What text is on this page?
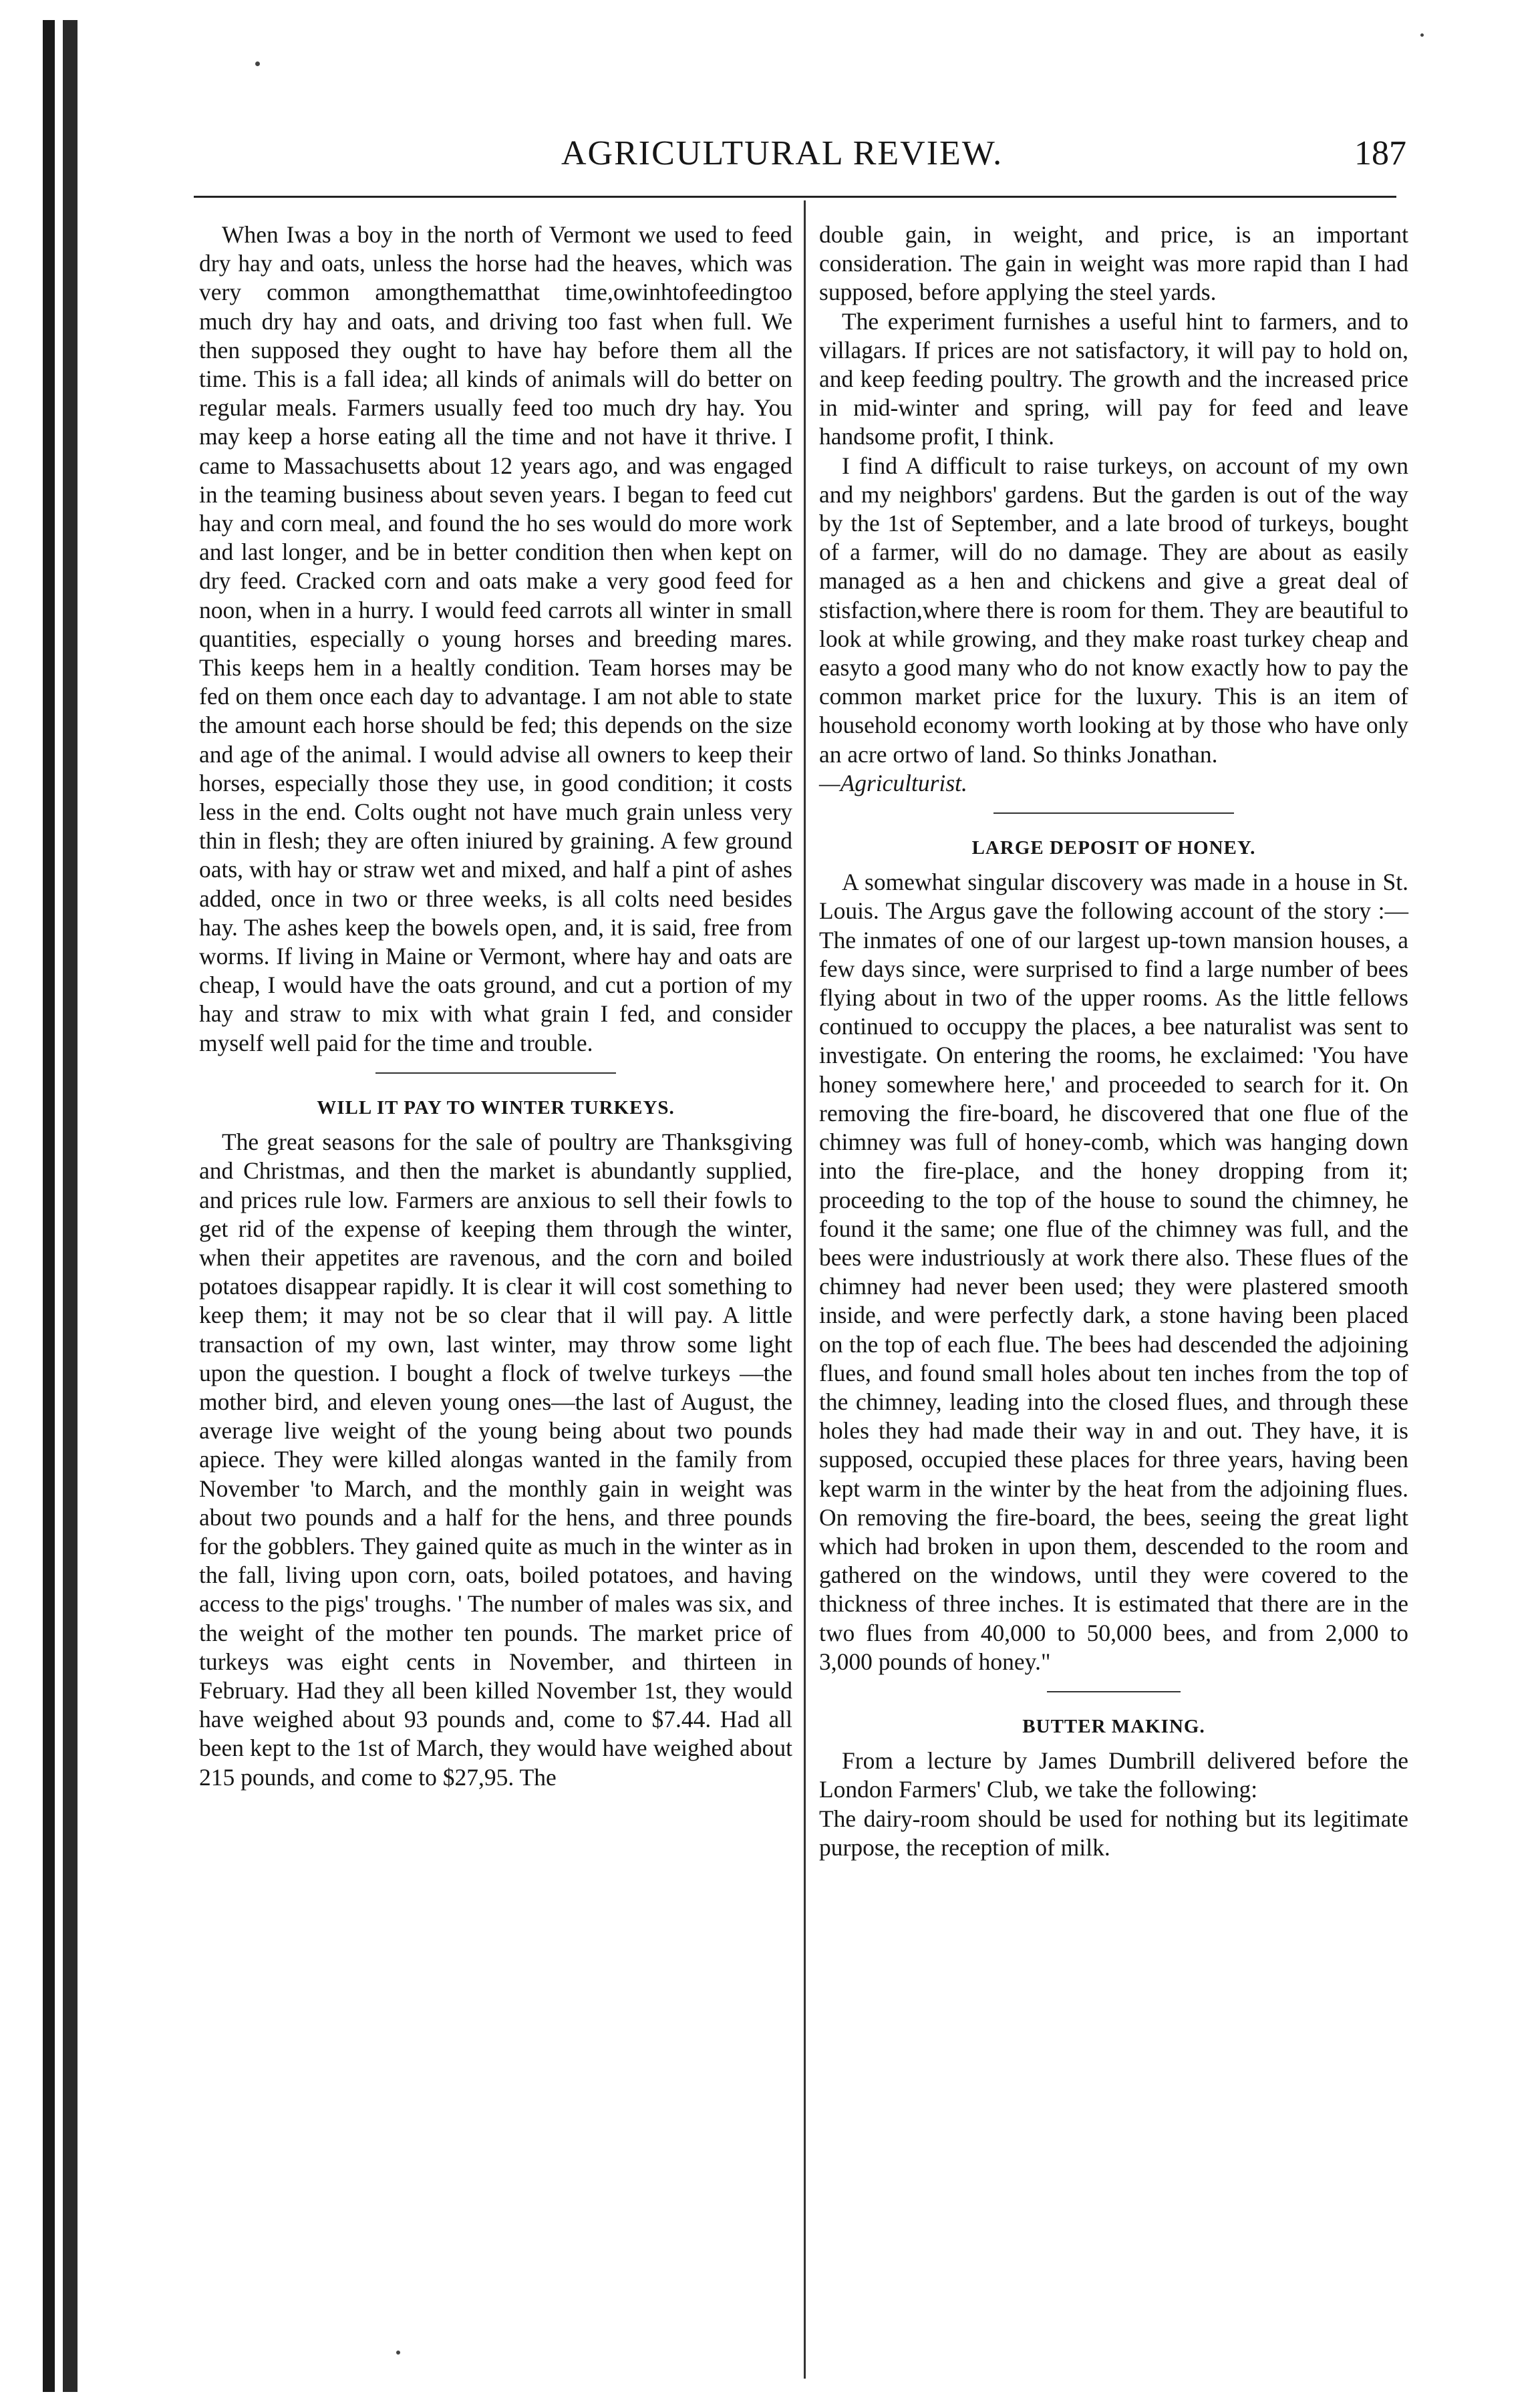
AGRICULTURAL REVIEW.	187

When Iwas a boy in the north of Vermont we used to feed dry hay and oats, unless the horse had the heaves, which was very common amongthematthat time,owinhtofeedingtoo much dry hay and oats, and driving too fast when full. We then supposed they ought to have hay before them all the time. This is a fall idea; all kinds of animals will do better on regular meals. Farmers usually feed too much dry hay. You may keep a horse eating all the time and not have it thrive. I came to Massachusetts about 12 years ago, and was engaged in the teaming business about seven years. I began to feed cut hay and corn meal, and found the ho ses would do more work and last longer, and be in better condition then when kept on dry feed. Cracked corn and oats make a very good feed for noon, when in a hurry. I would feed carrots all winter in small quantities, especially o young horses and breeding mares. This keeps hem in a healtly condition. Team horses may be fed on them once each day to advantage. I am not able to state the amount each horse should be fed; this depends on the size and age of the animal. I would advise all owners to keep their horses, especially those they use, in good condition; it costs less in the end. Colts ought not have much grain unless very thin in flesh; they are often iniured by graining. A few ground oats, with hay or straw wet and mixed, and half a pint of ashes added, once in two or three weeks, is all colts need besides hay. The ashes keep the bowels open, and, it is said, free from worms. If living in Maine or Vermont, where hay and oats are cheap, I would have the oats ground, and cut a portion of my hay and straw to mix with what grain I fed, and consider myself well paid for the time and trouble.

WILL IT PAY TO WINTER TURKEYS.

The great seasons for the sale of poultry are Thanksgiving and Christmas, and then the market is abundantly supplied, and prices rule low. Farmers are anxious to sell their fowls to get rid of the expense of keeping them through the winter, when their appetites are ravenous, and the corn and boiled potatoes disappear rapidly. It is clear it will cost something to keep them; it may not be so clear that il will pay. A little transaction of my own, last winter, may throw some light upon the question. I bought a flock of twelve turkeys —the mother bird, and eleven young ones—the last of August, the average live weight of the young being about two pounds apiece. They were killed alongas wanted in the family from November 'to March, and the monthly gain in weight was about two pounds and a half for the hens, and three pounds for the gobblers. They gained quite as much in the winter as in the fall, living upon corn, oats, boiled potatoes, and having access to the pigs' troughs. ' The number of males was six, and the weight of the mother ten pounds. The market price of turkeys was eight cents in November, and thirteen in February. Had they all been killed November 1st, they would have weighed about 93 pounds and, come to $7.44. Had all been kept to the 1st of March, they would have weighed about 215 pounds, and come to $27,95. The

double gain, in weight, and price, is an important consideration. The gain in weight was more rapid than I had supposed, before applying the steel yards.

The experiment furnishes a useful hint to farmers, and to villagars. If prices are not satisfactory, it will pay to hold on, and keep feeding poultry. The growth and the increased price in mid-winter and spring, will pay for feed and leave handsome profit, I think.

I find A difficult to raise turkeys, on account of my own and my neighbors' gardens. But the garden is out of the way by the 1st of September, and a late brood of turkeys, bought of a farmer, will do no damage. They are about as easily managed as a hen and chickens and give a great deal of stisfaction,where there is room for them. They are beautiful to look at while growing, and they make roast turkey cheap and easyto a good many who do not know exactly how to pay the common market price for the luxury. This is an item of household economy worth looking at by those who have only an acre ortwo of land. So thinks Jonathan.

—Agriculturist.

LARGE DEPOSIT OF HONEY.

A somewhat singular discovery was made in a house in St. Louis. The Argus gave the following account of the story :—The inmates of one of our largest up-town mansion houses, a few days since, were surprised to find a large number of bees flying about in two of the upper rooms. As the little fellows continued to occuppy the places, a bee naturalist was sent to investigate. On entering the rooms, he exclaimed: 'You have honey somewhere here,' and proceeded to search for it. On removing the fire-board, he discovered that one flue of the chimney was full of honey-comb, which was hanging down into the fire-place, and the honey dropping from it; proceeding to the top of the house to sound the chimney, he found it the same; one flue of the chimney was full, and the bees were industriously at work there also. These flues of the chimney had never been used; they were plastered smooth inside, and were perfectly dark, a stone having been placed on the top of each flue. The bees had descended the adjoining flues, and found small holes about ten inches from the top of the chimney, leading into the closed flues, and through these holes they had made their way in and out. They have, it is supposed, occupied these places for three years, having been kept warm in the winter by the heat from the adjoining flues. On removing the fire-board, the bees, seeing the great light which had broken in upon them, descended to the room and gathered on the windows, until they were covered to the thickness of three inches. It is estimated that there are in the two flues from 40,000 to 50,000 bees, and from 2,000 to 3,000 pounds of honey."

BUTTER MAKING.

From a lecture by James Dumbrill delivered before the London Farmers' Club, we take the following:

The dairy-room should be used for nothing but its legitimate purpose, the reception of milk.
